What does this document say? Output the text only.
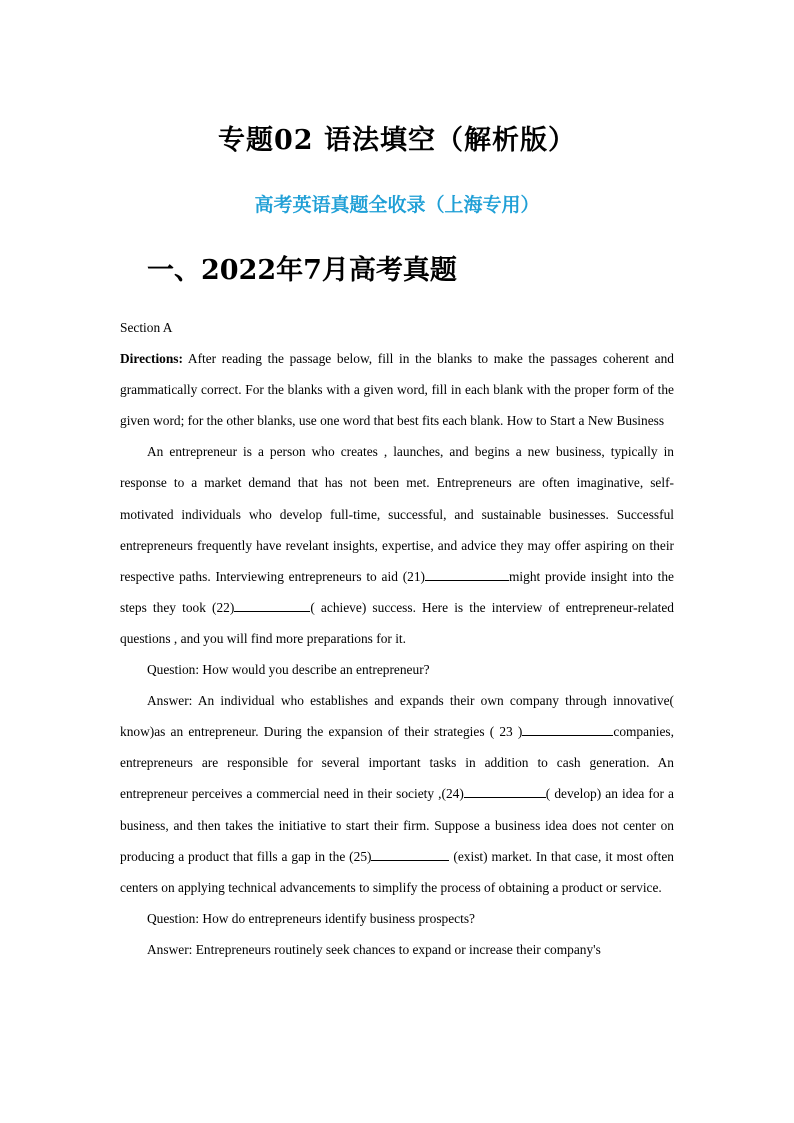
专题02 语法填空（解析版）
高考英语真题全收录（上海专用）
一、2022年7月高考真题

Section A

Directions: After reading the passage below, fill in the blanks to make the passages coherent and grammatically correct. For the blanks with a given word, fill in each blank with the proper form of the given word; for the other blanks, use one word that best fits each blank. How to Start a New Business

An entrepreneur is a person who creates , launches, and begins a new business, typically in response to a market demand that has not been met. Entrepreneurs are often imaginative, self-motivated individuals who develop full-time, successful, and sustainable businesses. Successful entrepreneurs frequently have revelant insights, expertise, and advice they may offer aspiring on their respective paths. Interviewing entrepreneurs to aid (21)	might provide insight into the steps they took (22)	( achieve) success. Here is the interview of entrepreneur-related questions , and you will find more preparations for it.

Question: How would you describe an entrepreneur?

Answer: An individual who establishes and expands their own company through innovative( know)as an entrepreneur. During the expansion of their strategies ( 23 )	companies, entrepreneurs are responsible for several important tasks in addition to cash generation. An entrepreneur perceives a commercial need in their society ,(24)	( develop) an idea for a business, and then takes the initiative to start their firm. Suppose a business idea does not center on producing a product that fills a gap in the (25)	(exist) market. In that case, it most often centers on applying technical advancements to simplify the process of obtaining a product or service.

Question: How do entrepreneurs identify business prospects?

Answer: Entrepreneurs routinely seek chances to expand or increase their company's
